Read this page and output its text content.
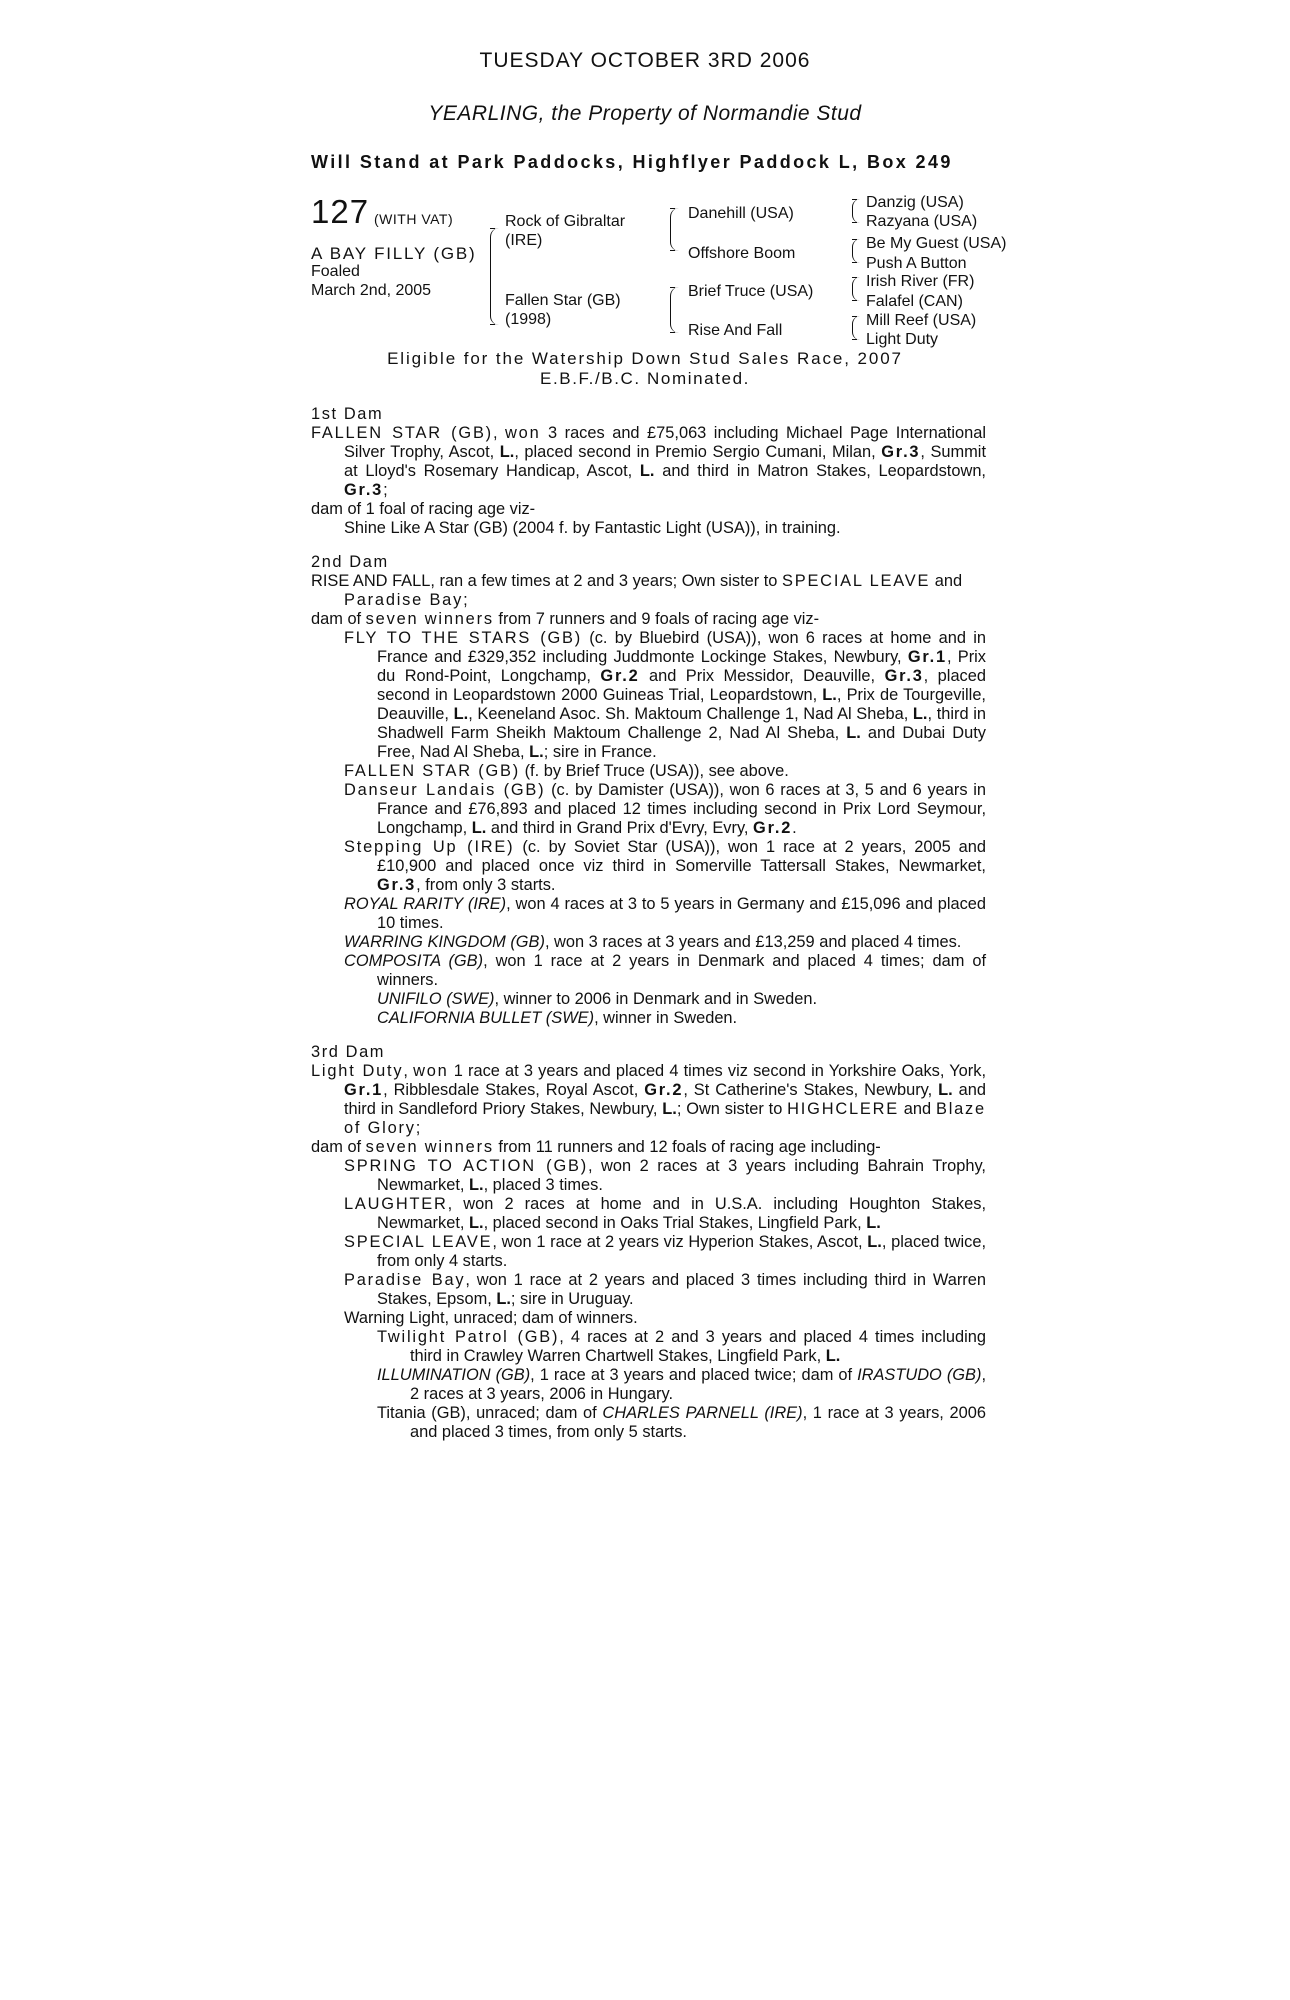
TUESDAY OCTOBER 3RD 2006
YEARLING, the Property of Normandie Stud
Will Stand at Park Paddocks, Highflyer Paddock L, Box 249
127 (WITH VAT)
A BAY FILLY (GB)
Foaled
March 2nd, 2005
Rock of Gibraltar
(IRE)
Fallen Star (GB)
(1998)
Danehill (USA)
Offshore Boom
Brief Truce (USA)
Rise And Fall
Danzig (USA)
Razyana (USA)
Be My Guest (USA)
Push A Button
Irish River (FR)
Falafel (CAN)
Mill Reef (USA)
Light Duty
Eligible for the Watership Down Stud Sales Race, 2007
E.B.F./B.C. Nominated.
1st Dam
FALLEN STAR (GB), won 3 races and £75,063 including Michael Page International Silver Trophy, Ascot, L., placed second in Premio Sergio Cumani, Milan, Gr.3, Summit at Lloyd's Rosemary Handicap, Ascot, L. and third in Matron Stakes, Leopardstown, Gr.3;
dam of 1 foal of racing age viz-
Shine Like A Star (GB) (2004 f. by Fantastic Light (USA)), in training.
2nd Dam
RISE AND FALL, ran a few times at 2 and 3 years; Own sister to SPECIAL LEAVE and Paradise Bay;
dam of seven winners from 7 runners and 9 foals of racing age viz-
FLY TO THE STARS (GB) (c. by Bluebird (USA)), won 6 races at home and in France and £329,352 including Juddmonte Lockinge Stakes, Newbury, Gr.1, Prix du Rond-Point, Longchamp, Gr.2 and Prix Messidor, Deauville, Gr.3, placed second in Leopardstown 2000 Guineas Trial, Leopardstown, L., Prix de Tourgeville, Deauville, L., Keeneland Asoc. Sh. Maktoum Challenge 1, Nad Al Sheba, L., third in Shadwell Farm Sheikh Maktoum Challenge 2, Nad Al Sheba, L. and Dubai Duty Free, Nad Al Sheba, L.; sire in France.
FALLEN STAR (GB) (f. by Brief Truce (USA)), see above.
Danseur Landais (GB) (c. by Damister (USA)), won 6 races at 3, 5 and 6 years in France and £76,893 and placed 12 times including second in Prix Lord Seymour, Longchamp, L. and third in Grand Prix d'Evry, Evry, Gr.2.
Stepping Up (IRE) (c. by Soviet Star (USA)), won 1 race at 2 years, 2005 and £10,900 and placed once viz third in Somerville Tattersall Stakes, Newmarket, Gr.3, from only 3 starts.
ROYAL RARITY (IRE), won 4 races at 3 to 5 years in Germany and £15,096 and placed 10 times.
WARRING KINGDOM (GB), won 3 races at 3 years and £13,259 and placed 4 times.
COMPOSITA (GB), won 1 race at 2 years in Denmark and placed 4 times; dam of winners.
UNIFILO (SWE), winner to 2006 in Denmark and in Sweden.
CALIFORNIA BULLET (SWE), winner in Sweden.
3rd Dam
Light Duty, won 1 race at 3 years and placed 4 times viz second in Yorkshire Oaks, York, Gr.1, Ribblesdale Stakes, Royal Ascot, Gr.2, St Catherine's Stakes, Newbury, L. and third in Sandleford Priory Stakes, Newbury, L.; Own sister to HIGHCLERE and Blaze of Glory;
dam of seven winners from 11 runners and 12 foals of racing age including-
SPRING TO ACTION (GB), won 2 races at 3 years including Bahrain Trophy, Newmarket, L., placed 3 times.
LAUGHTER, won 2 races at home and in U.S.A. including Houghton Stakes, Newmarket, L., placed second in Oaks Trial Stakes, Lingfield Park, L.
SPECIAL LEAVE, won 1 race at 2 years viz Hyperion Stakes, Ascot, L., placed twice, from only 4 starts.
Paradise Bay, won 1 race at 2 years and placed 3 times including third in Warren Stakes, Epsom, L.; sire in Uruguay.
Warning Light, unraced; dam of winners.
Twilight Patrol (GB), 4 races at 2 and 3 years and placed 4 times including third in Crawley Warren Chartwell Stakes, Lingfield Park, L.
ILLUMINATION (GB), 1 race at 3 years and placed twice; dam of IRASTUDO (GB), 2 races at 3 years, 2006 in Hungary.
Titania (GB), unraced; dam of CHARLES PARNELL (IRE), 1 race at 3 years, 2006 and placed 3 times, from only 5 starts.
